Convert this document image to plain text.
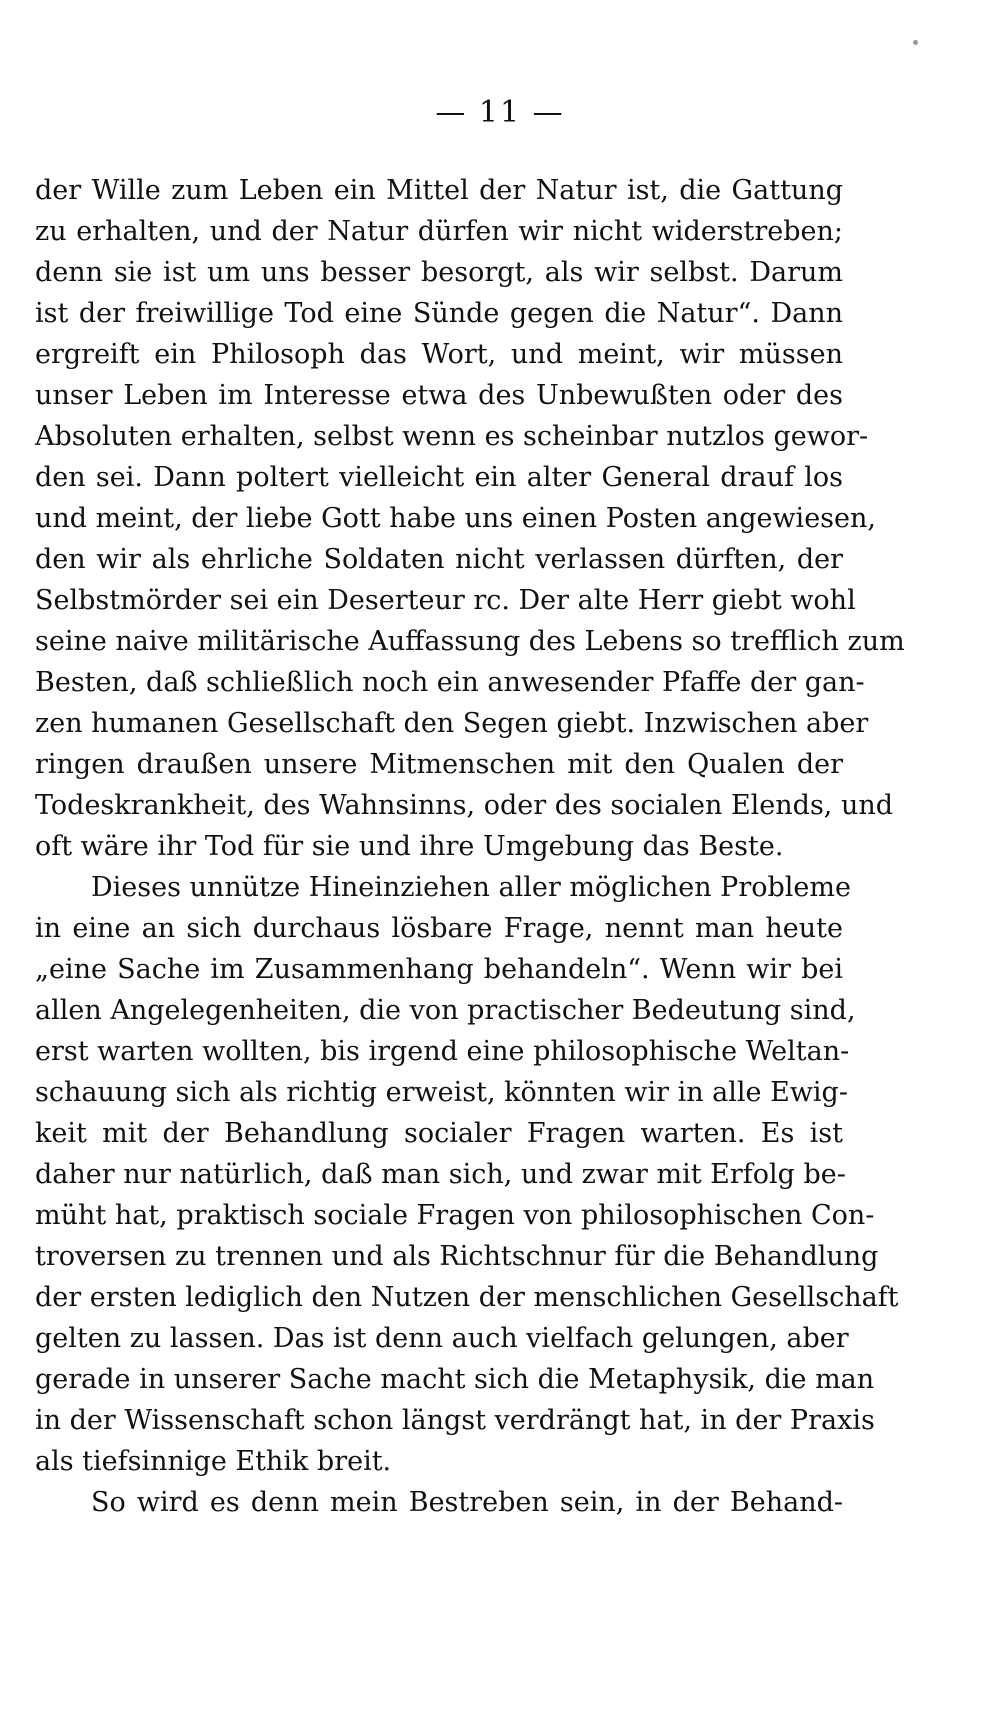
— 11 —
der Wille zum Leben ein Mittel der Natur ist, die Gattung
zu erhalten, und der Natur dürfen wir nicht widerstreben;
denn sie ist um uns besser besorgt, als wir selbst. Darum
ist der freiwillige Tod eine Sünde gegen die Natur“. Dann
ergreift ein Philosoph das Wort, und meint, wir müssen
unser Leben im Interesse etwa des Unbewußten oder des
Absoluten erhalten, selbst wenn es scheinbar nutzlos gewor-
den sei. Dann poltert vielleicht ein alter General drauf los
und meint, der liebe Gott habe uns einen Posten angewiesen,
den wir als ehrliche Soldaten nicht verlassen dürften, der
Selbstmörder sei ein Deserteur rc. Der alte Herr giebt wohl
seine naive militärische Auffassung des Lebens so trefflich zum
Besten, daß schließlich noch ein anwesender Pfaffe der gan-
zen humanen Gesellschaft den Segen giebt. Inzwischen aber
ringen draußen unsere Mitmenschen mit den Qualen der
Todeskrankheit, des Wahnsinns, oder des socialen Elends, und
oft wäre ihr Tod für sie und ihre Umgebung das Beste.
Dieses unnütze Hineinziehen aller möglichen Probleme
in eine an sich durchaus lösbare Frage, nennt man heute
„eine Sache im Zusammenhang behandeln“. Wenn wir bei
allen Angelegenheiten, die von practischer Bedeutung sind,
erst warten wollten, bis irgend eine philosophische Weltan-
schauung sich als richtig erweist, könnten wir in alle Ewig-
keit mit der Behandlung socialer Fragen warten. Es ist
daher nur natürlich, daß man sich, und zwar mit Erfolg be-
müht hat, praktisch sociale Fragen von philosophischen Con-
troversen zu trennen und als Richtschnur für die Behandlung
der ersten lediglich den Nutzen der menschlichen Gesellschaft
gelten zu lassen. Das ist denn auch vielfach gelungen, aber
gerade in unserer Sache macht sich die Metaphysik, die man
in der Wissenschaft schon längst verdrängt hat, in der Praxis
als tiefsinnige Ethik breit.
So wird es denn mein Bestreben sein, in der Behand-
